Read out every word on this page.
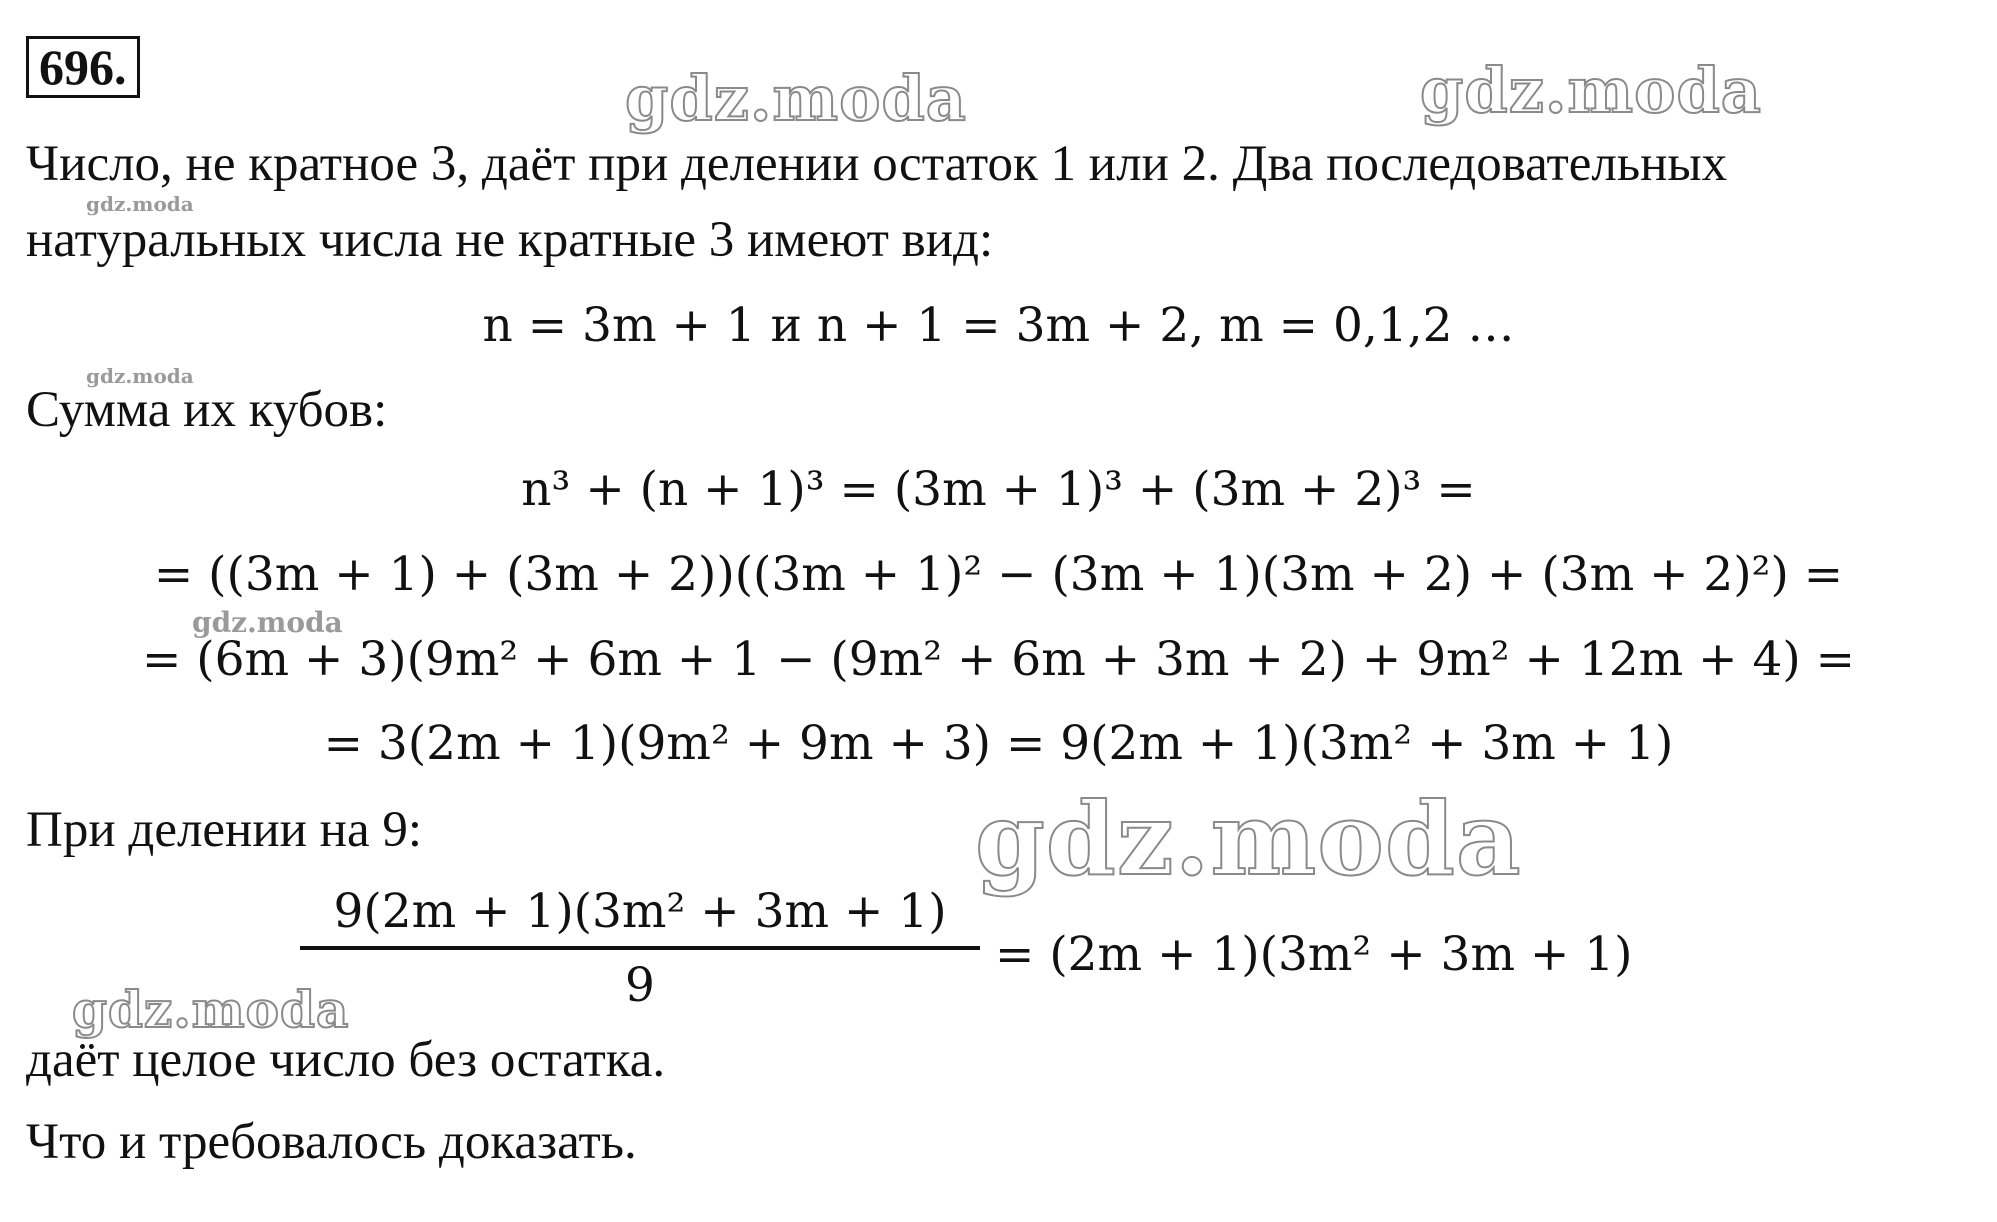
696.	gdz.moda	gdz.moda
gdz.moda
gdz.moda
gdz.moda
gdz.moda
gdz.moda
Число, не кратное 3, даёт при делении остаток 1 или 2. Два последовательных
натуральных числа не кратные 3 имеют вид:
n = 3m + 1 и n + 1 = 3m + 2, m = 0,1,2 …
Сумма их кубов:
n³ + (n + 1)³ = (3m + 1)³ + (3m + 2)³ =
= ((3m + 1) + (3m + 2))((3m + 1)² − (3m + 1)(3m + 2) + (3m + 2)²) =
= (6m + 3)(9m² + 6m + 1 − (9m² + 6m + 3m + 2) + 9m² + 12m + 4) =
= 3(2m + 1)(9m² + 9m + 3) = 9(2m + 1)(3m² + 3m + 1)
При делении на 9:
9(2m + 1)(3m² + 3m + 1)
9
= (2m + 1)(3m² + 3m + 1)
даёт целое число без остатка.
Что и требовалось доказать.
